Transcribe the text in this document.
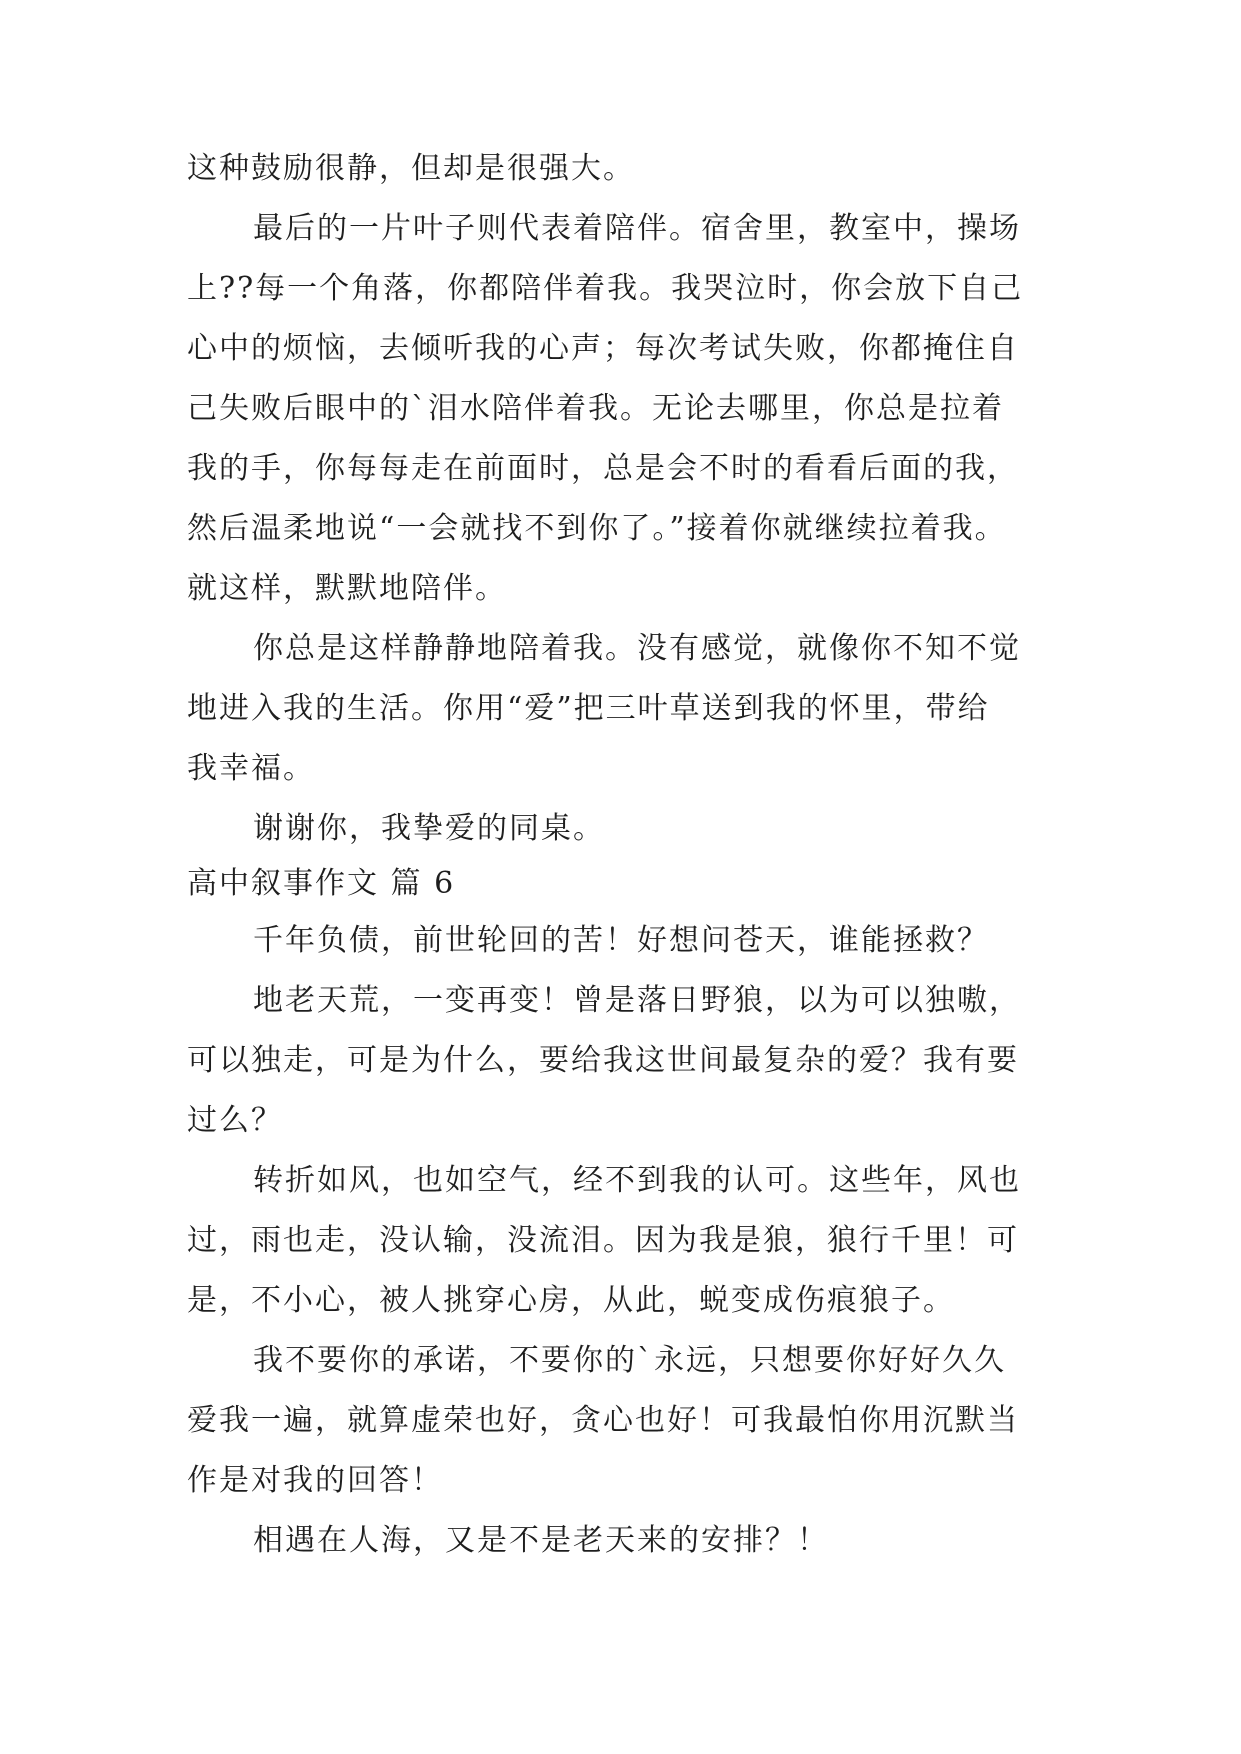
这种鼓励很静，但却是很强大。
最后的一片叶子则代表着陪伴。宿舍里，教室中，操场
上??每一个角落，你都陪伴着我。我哭泣时，你会放下自己
心中的烦恼，去倾听我的心声；每次考试失败，你都掩住自
己失败后眼中的`泪水陪伴着我。无论去哪里，你总是拉着
我的手，你每每走在前面时，总是会不时的看看后面的我，
然后温柔地说“一会就找不到你了。”接着你就继续拉着我。
就这样，默默地陪伴。
你总是这样静静地陪着我。没有感觉，就像你不知不觉
地进入我的生活。你用“爱”把三叶草送到我的怀里，带给
我幸福。
谢谢你，我挚爱的同桌。
高中叙事作文 篇 6
千年负债，前世轮回的苦！好想问苍天，谁能拯救？
地老天荒，一变再变！曾是落日野狼，以为可以独嗷，
可以独走，可是为什么，要给我这世间最复杂的爱？我有要
过么？
转折如风，也如空气，经不到我的认可。这些年，风也
过，雨也走，没认输，没流泪。因为我是狼，狼行千里！可
是，不小心，被人挑穿心房，从此，蜕变成伤痕狼子。
我不要你的承诺，不要你的`永远，只想要你好好久久
爱我一遍，就算虚荣也好，贪心也好！可我最怕你用沉默当
作是对我的回答！
相遇在人海，又是不是老天来的安排？！
